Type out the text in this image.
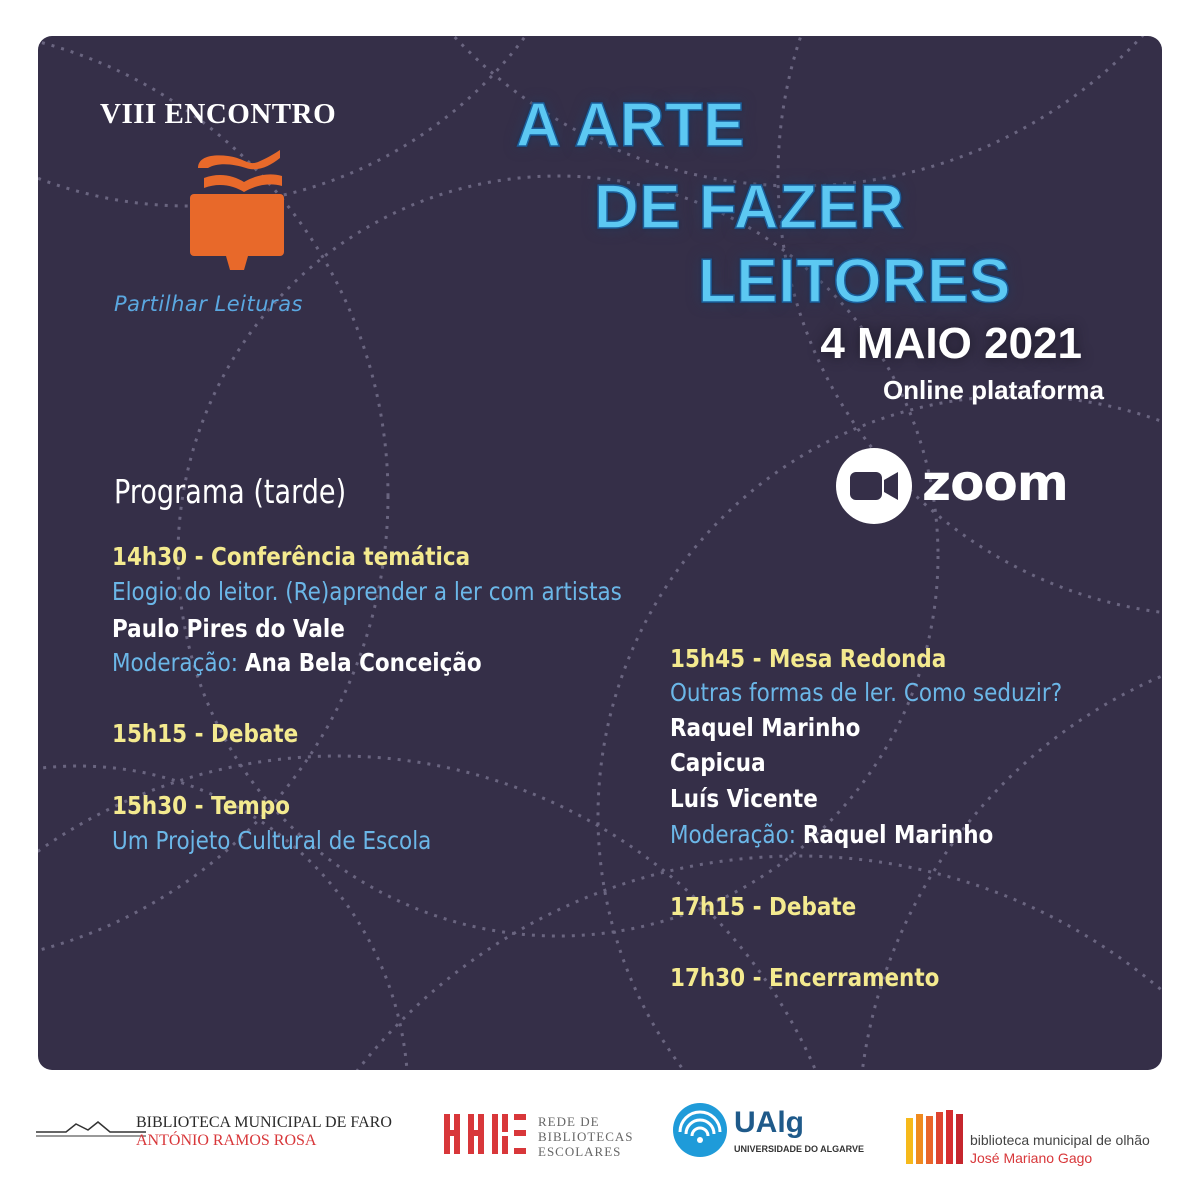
VIII ENCONTRO
Partilhar Leituras
A ARTE
DE FAZER
LEITORES
4 MAIO 2021
Online plataforma
zoom
Programa (tarde)
14h30 - Conferência temática
Elogio do leitor. (Re)aprender a ler com artistas
Paulo Pires do Vale
Moderação: Ana Bela Conceição
15h15 - Debate
15h30 - Tempo
Um Projeto Cultural de Escola
15h45 - Mesa Redonda
Outras formas de ler. Como seduzir?
Raquel Marinho
Capicua
Luís Vicente
Moderação: Raquel Marinho
17h15 - Debate
17h30 - Encerramento
BIBLIOTECA MUNICIPAL DE FARO
ANTÓNIO RAMOS ROSA
REDE DE
BIBLIOTECAS
ESCOLARES
UAlg
UNIVERSIDADE DO ALGARVE
biblioteca municipal de olhão
José Mariano Gago
